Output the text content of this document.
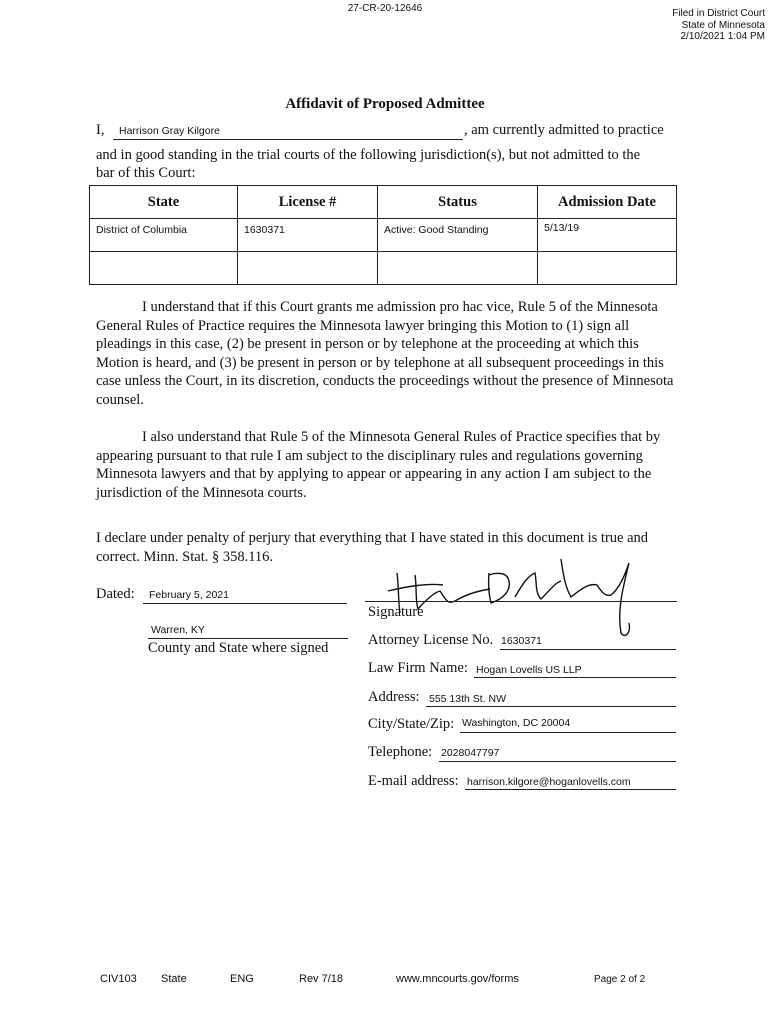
27-CR-20-12646	Filed in District Court
State of Minnesota
2/10/2021 1:04 PM
Affidavit of Proposed Admittee
I, Harrison Gray Kilgore	, am currently admitted to practice
and in good standing in the trial courts of the following jurisdiction(s), but not admitted to the
bar of this Court:
State	License #	Status	Admission Date
District of Columbia	1630371	Active: Good Standing	5/13/19

I understand that if this Court grants me admission pro hac vice, Rule 5 of the Minnesota General Rules of Practice requires the Minnesota lawyer bringing this Motion to (1) sign all pleadings in this case, (2) be present in person or by telephone at the proceeding at which this Motion is heard, and (3) be present in person or by telephone at all subsequent proceedings in this case unless the Court, in its discretion, conducts the proceedings without the presence of Minnesota counsel.
I also understand that Rule 5 of the Minnesota General Rules of Practice specifies that by appearing pursuant to that rule I am subject to the disciplinary rules and regulations governing Minnesota lawyers and that by applying to appear or appearing in any action I am subject to the jurisdiction of the Minnesota courts.
I declare under penalty of perjury that everything that I have stated in this document is true and correct. Minn. Stat. § 358.116.
Dated: February 5, 2021
Warren, KY
County and State where signed
Signature
Attorney License No. 1630371
Law Firm Name: Hogan Lovells US LLP
Address: 555 13th St. NW
City/State/Zip: Washington, DC 20004
Telephone: 2028047797
E-mail address: harrison.kilgore@hoganlovells.com
CIV103 State	ENG	Rev 7/18	www.mncourts.gov/forms	Page 2 of 2
